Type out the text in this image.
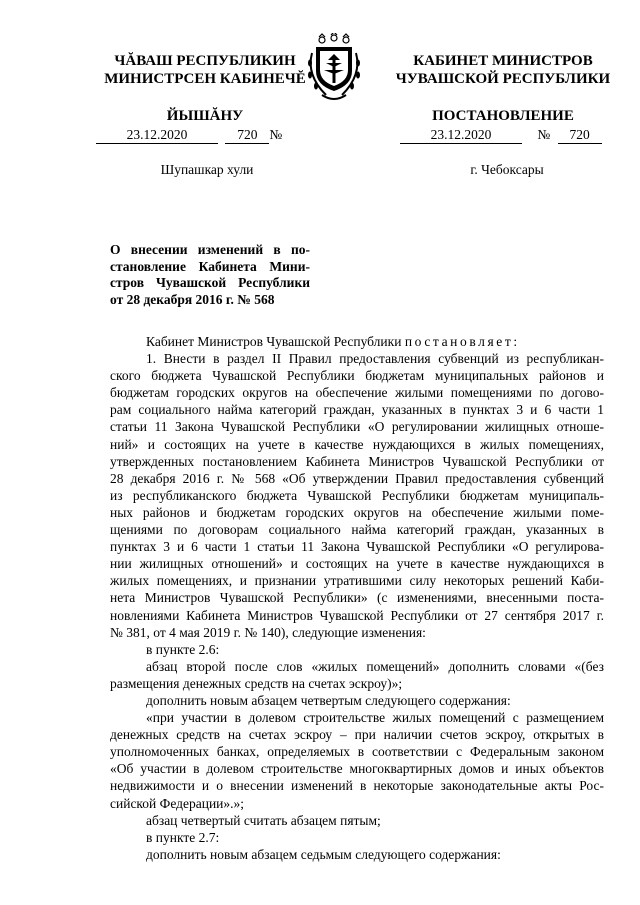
ЧĂВАШ РЕСПУБЛИКИН
МИНИСТРСЕН КАБИНЕЧĔ
ЙЫШĂНУ
КАБИНЕТ МИНИСТРОВ
ЧУВАШСКОЙ РЕСПУБЛИКИ
ПОСТАНОВЛЕНИЕ
23.12.2020	720 №	23.12.2020	№ 720
Шупашкар хули	г. Чебоксары
О внесении изменений в по-
становление Кабинета Мини-
стров Чувашской Республики
от 28 декабря 2016 г. № 568
Кабинет Министров Чувашской Республики постановляет:
1. Внести в раздел II Правил предоставления субвенций из республикан-
ского бюджета Чувашской Республики бюджетам муниципальных районов и
бюджетам городских округов на обеспечение жилыми помещениями по догово-
рам социального найма категорий граждан, указанных в пунктах 3 и 6 части 1
статьи 11 Закона Чувашской Республики «О регулировании жилищных отноше-
ний» и состоящих на учете в качестве нуждающихся в жилых помещениях,
утвержденных постановлением Кабинета Министров Чувашской Республики от
28 декабря 2016 г. № 568 «Об утверждении Правил предоставления субвенций
из республиканского бюджета Чувашской Республики бюджетам муниципаль-
ных районов и бюджетам городских округов на обеспечение жилыми поме-
щениями по договорам социального найма категорий граждан, указанных в
пунктах 3 и 6 части 1 статьи 11 Закона Чувашской Республики «О регулирова-
нии жилищных отношений» и состоящих на учете в качестве нуждающихся в
жилых помещениях, и признании утратившими силу некоторых решений Каби-
нета Министров Чувашской Республики» (с изменениями, внесенными поста-
новлениями Кабинета Министров Чувашской Республики от 27 сентября 2017 г.
№ 381, от 4 мая 2019 г. № 140), следующие изменения:
в пункте 2.6:
абзац второй после слов «жилых помещений» дополнить словами «(без
размещения денежных средств на счетах эскроу)»;
дополнить новым абзацем четвертым следующего содержания:
«при участии в долевом строительстве жилых помещений с размещением
денежных средств на счетах эскроу – при наличии счетов эскроу, открытых в
уполномоченных банках, определяемых в соответствии с Федеральным законом
«Об участии в долевом строительстве многоквартирных домов и иных объектов
недвижимости и о внесении изменений в некоторые законодательные акты Рос-
сийской Федерации».»;
абзац четвертый считать абзацем пятым;
в пункте 2.7:
дополнить новым абзацем седьмым следующего содержания:
